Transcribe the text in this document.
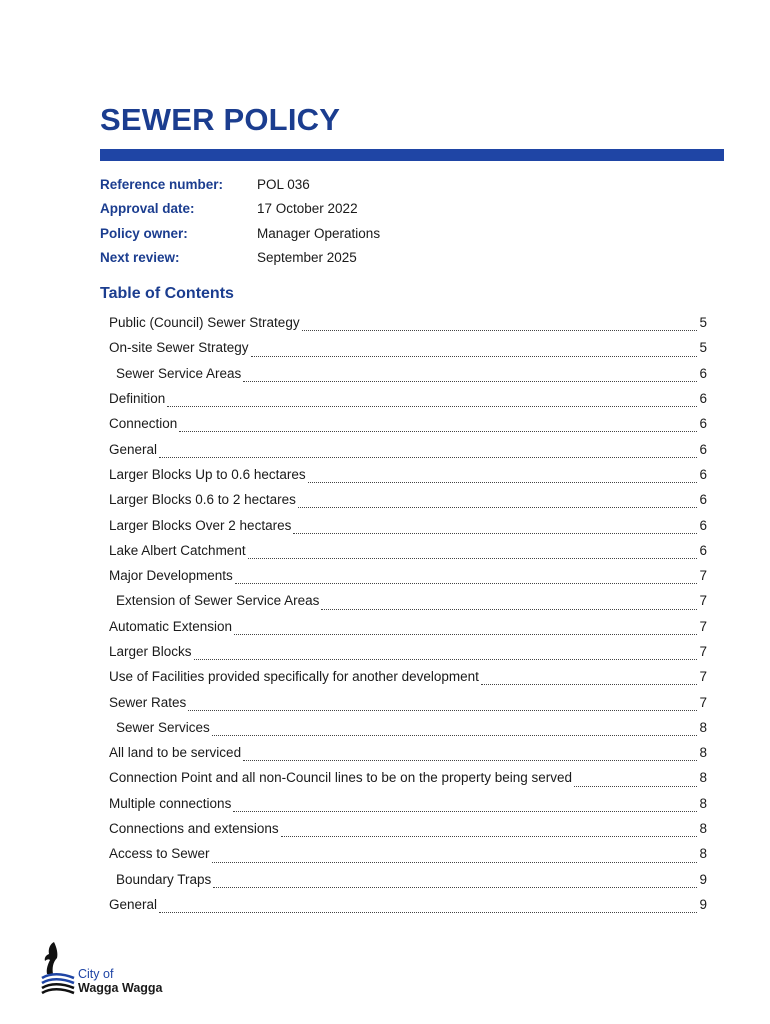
SEWER POLICY
Reference number:	POL 036
Approval date:	17 October 2022
Policy owner:	Manager Operations
Next review:	September 2025
Table of Contents
Public (Council) Sewer Strategy	5
On-site Sewer Strategy	5
Sewer Service Areas	6
Definition	6
Connection	6
General	6
Larger Blocks Up to 0.6 hectares	6
Larger Blocks 0.6 to 2 hectares	6
Larger Blocks Over 2 hectares	6
Lake Albert Catchment	6
Major Developments	7
Extension of Sewer Service Areas	7
Automatic Extension	7
Larger Blocks	7
Use of Facilities provided specifically for another development	7
Sewer Rates	7
Sewer Services	8
All land to be serviced	8
Connection Point and all non-Council lines to be on the property being served	8
Multiple connections	8
Connections and extensions	8
Access to Sewer	8
Boundary Traps	9
General	9
City of
Wagga Wagga
